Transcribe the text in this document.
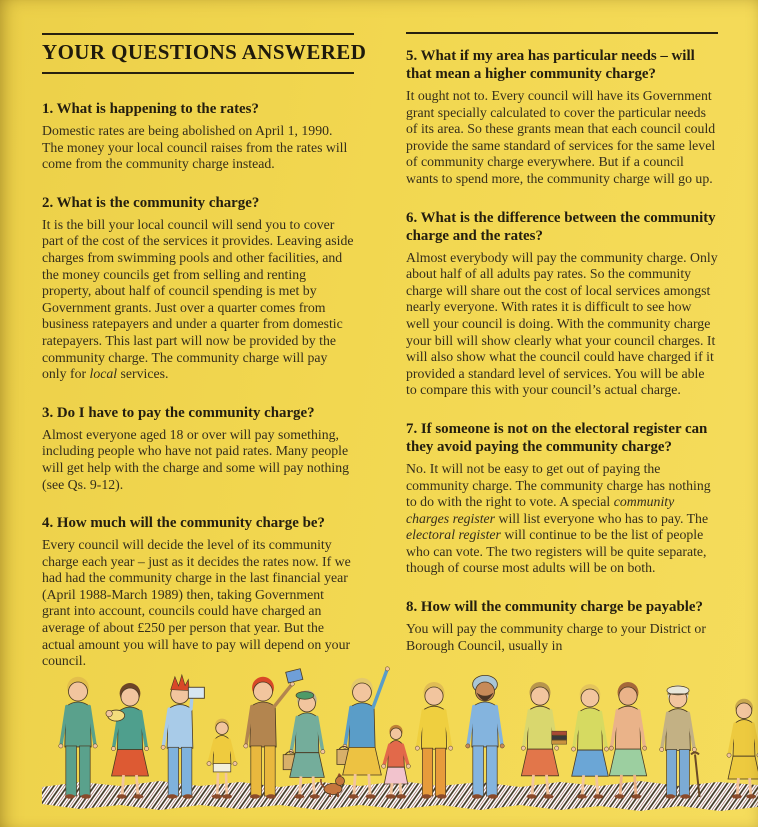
YOUR QUESTIONS ANSWERED
1. What is happening to the rates?

Domestic rates are being abolished on April 1, 1990. The money your local council raises from the rates will come from the community charge instead.

2. What is the community charge?

It is the bill your local council will send you to cover part of the cost of the services it provides. Leaving aside charges from swimming pools and other facilities, and the money councils get from selling and renting property, about half of council spending is met by Government grants. Just over a quarter comes from business ratepayers and under a quarter from domestic ratepayers. This last part will now be provided by the community charge. The community charge will pay only for local services.

3. Do I have to pay the community charge?

Almost everyone aged 18 or over will pay something, including people who have not paid rates. Many people will get help with the charge and some will pay nothing (see Qs. 9-12).

4. How much will the community charge be?

Every council will decide the level of its community charge each year – just as it decides the rates now. If we had had the community charge in the last financial year (April 1988-March 1989) then, taking Government grant into account, councils could have charged an average of about £250 per person that year. But the actual amount you will have to pay will depend on your council.

5. What if my area has particular needs – will that mean a higher community charge?

It ought not to. Every council will have its Government grant specially calculated to cover the particular needs of its area. So these grants mean that each council could provide the same standard of services for the same level of community charge everywhere. But if a council wants to spend more, the community charge will go up.

6. What is the difference between the community charge and the rates?

Almost everybody will pay the community charge. Only about half of all adults pay rates. So the community charge will share out the cost of local services amongst nearly everyone. With rates it is difficult to see how well your council is doing. With the community charge your bill will show clearly what your council charges. It will also show what the council could have charged if it provided a standard level of services. You will be able to compare this with your council’s actual charge.

7. If someone is not on the electoral register can they avoid paying the community charge?

No. It will not be easy to get out of paying the community charge. The community charge has nothing to do with the right to vote. A special community charges register will list everyone who has to pay. The electoral register will continue to be the list of people who can vote. The two registers will be quite separate, though of course most adults will be on both.

8. How will the community charge be payable?

You will pay the community charge to your District or Borough Council, usually in
